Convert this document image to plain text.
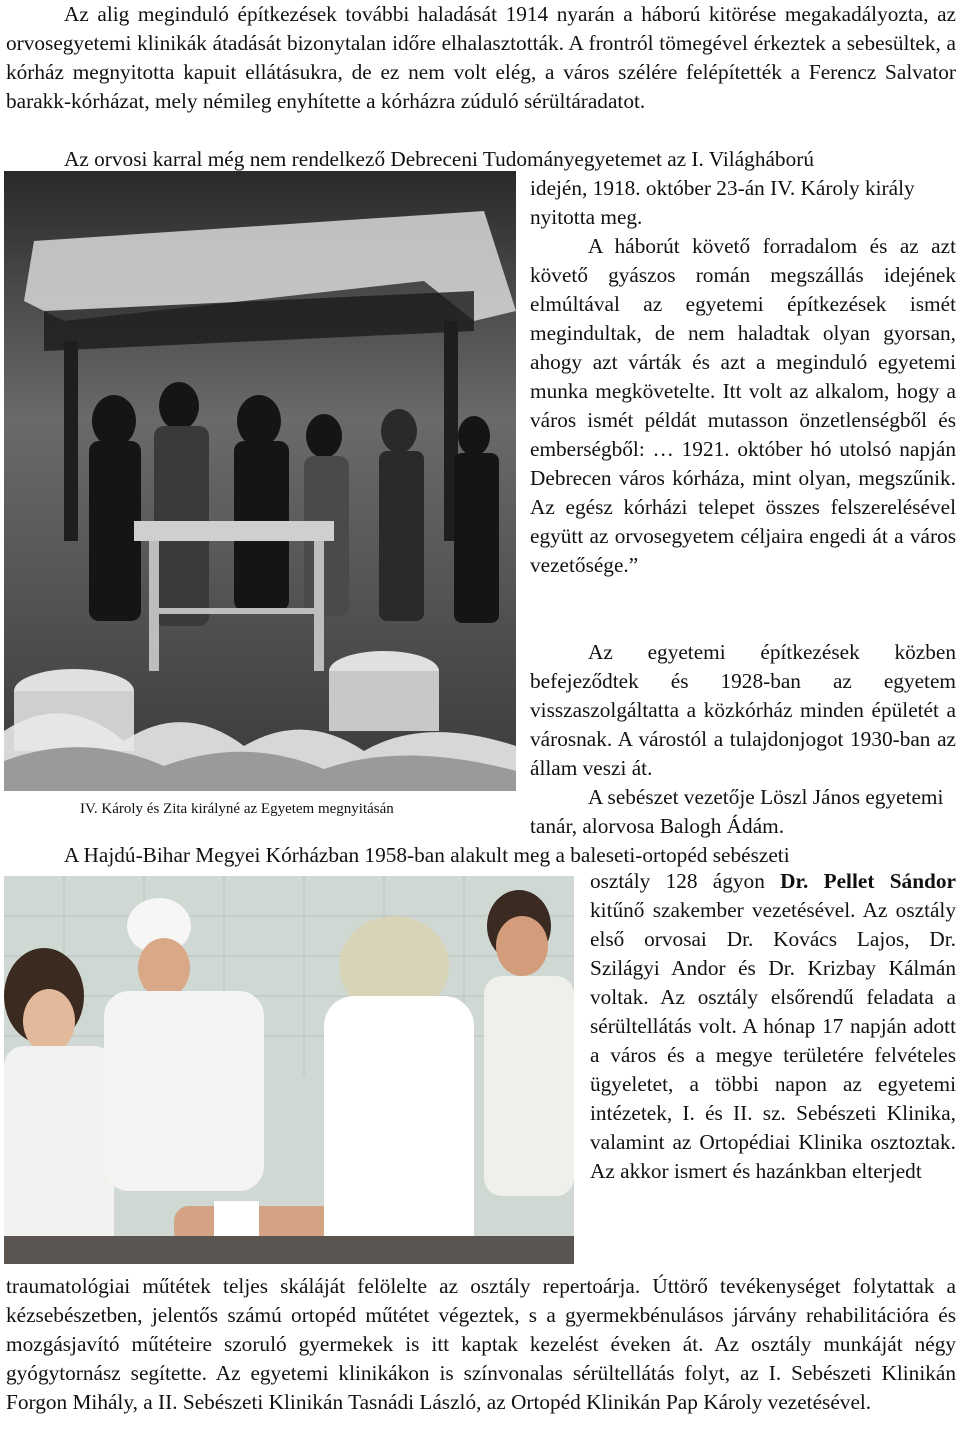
Az alig meginduló építkezések további haladását 1914 nyarán a háború kitörése megakadályozta, az orvosegyetemi klinikák átadását bizonytalan időre elhalasztották. A frontról tömegével érkeztek a sebesültek, a kórház megnyitotta kapuit ellátásukra, de ez nem volt elég, a város szélére felépítették a Ferencz Salvator barakk-kórházat, mely némileg enyhítette a kórházra zúduló sérültáradatot.

Az orvosi karral még nem rendelkező Debreceni Tudományegyetemet az I. Világháború

idején, 1918. október 23-án IV. Károly király nyitotta meg.

A háborút követő forradalom és az azt követő gyászos román megszállás idejének elmúltával az egyetemi építkezések ismét megindultak, de nem haladtak olyan gyorsan, ahogy azt várták és azt a meginduló egyetemi munka megkövetelte. Itt volt az alkalom, hogy a város ismét példát mutasson önzetlenségből és emberségből: … 1921. október hó utolsó napján Debrecen város kórháza, mint olyan, megszűnik. Az egész kórházi telepet összes felszerelésével együtt az orvosegyetem céljaira engedi át a város vezetősége.”

Az egyetemi építkezések közben befejeződtek és 1928-ban az egyetem visszaszolgáltatta a közkórház minden épületét a városnak. A várostól a tulajdonjogot 1930-ban az állam veszi át.

A sebészet vezetője Löszl János egyetemi tanár, alorvosa Balogh Ádám.

IV. Károly és Zita királyné az Egyetem megnyitásán

A Hajdú-Bihar Megyei Kórházban 1958-ban alakult meg a baleseti-ortopéd sebészeti

osztály 128 ágyon Dr. Pellet Sándor kitűnő szakember vezetésével. Az osztály első orvosai Dr. Kovács Lajos, Dr. Szilágyi Andor és Dr. Krizbay Kálmán voltak. Az osztály elsőrendű feladata a sérültellátás volt. A hónap 17 napján adott a város és a megye területére felvételes ügyeletet, a többi napon az egyetemi intézetek, I. és II. sz. Sebészeti Klinika, valamint az Ortopédiai Klinika osztoztak. Az akkor ismert és hazánkban elterjedt

traumatológiai műtétek teljes skáláját felölelte az osztály repertoárja. Úttörő tevékenységet folytattak a kézsebészetben, jelentős számú ortopéd műtétet végeztek, s a gyermekbénulásos járvány rehabilitációra és mozgásjavító műtéteire szoruló gyermekek is itt kaptak kezelést éveken át. Az osztály munkáját négy gyógytornász segítette. Az egyetemi klinikákon is színvonalas sérültellátás folyt, az I. Sebészeti Klinikán Forgon Mihály, a II. Sebészeti Klinikán Tasnádi László, az Ortopéd Klinikán Pap Károly vezetésével.
